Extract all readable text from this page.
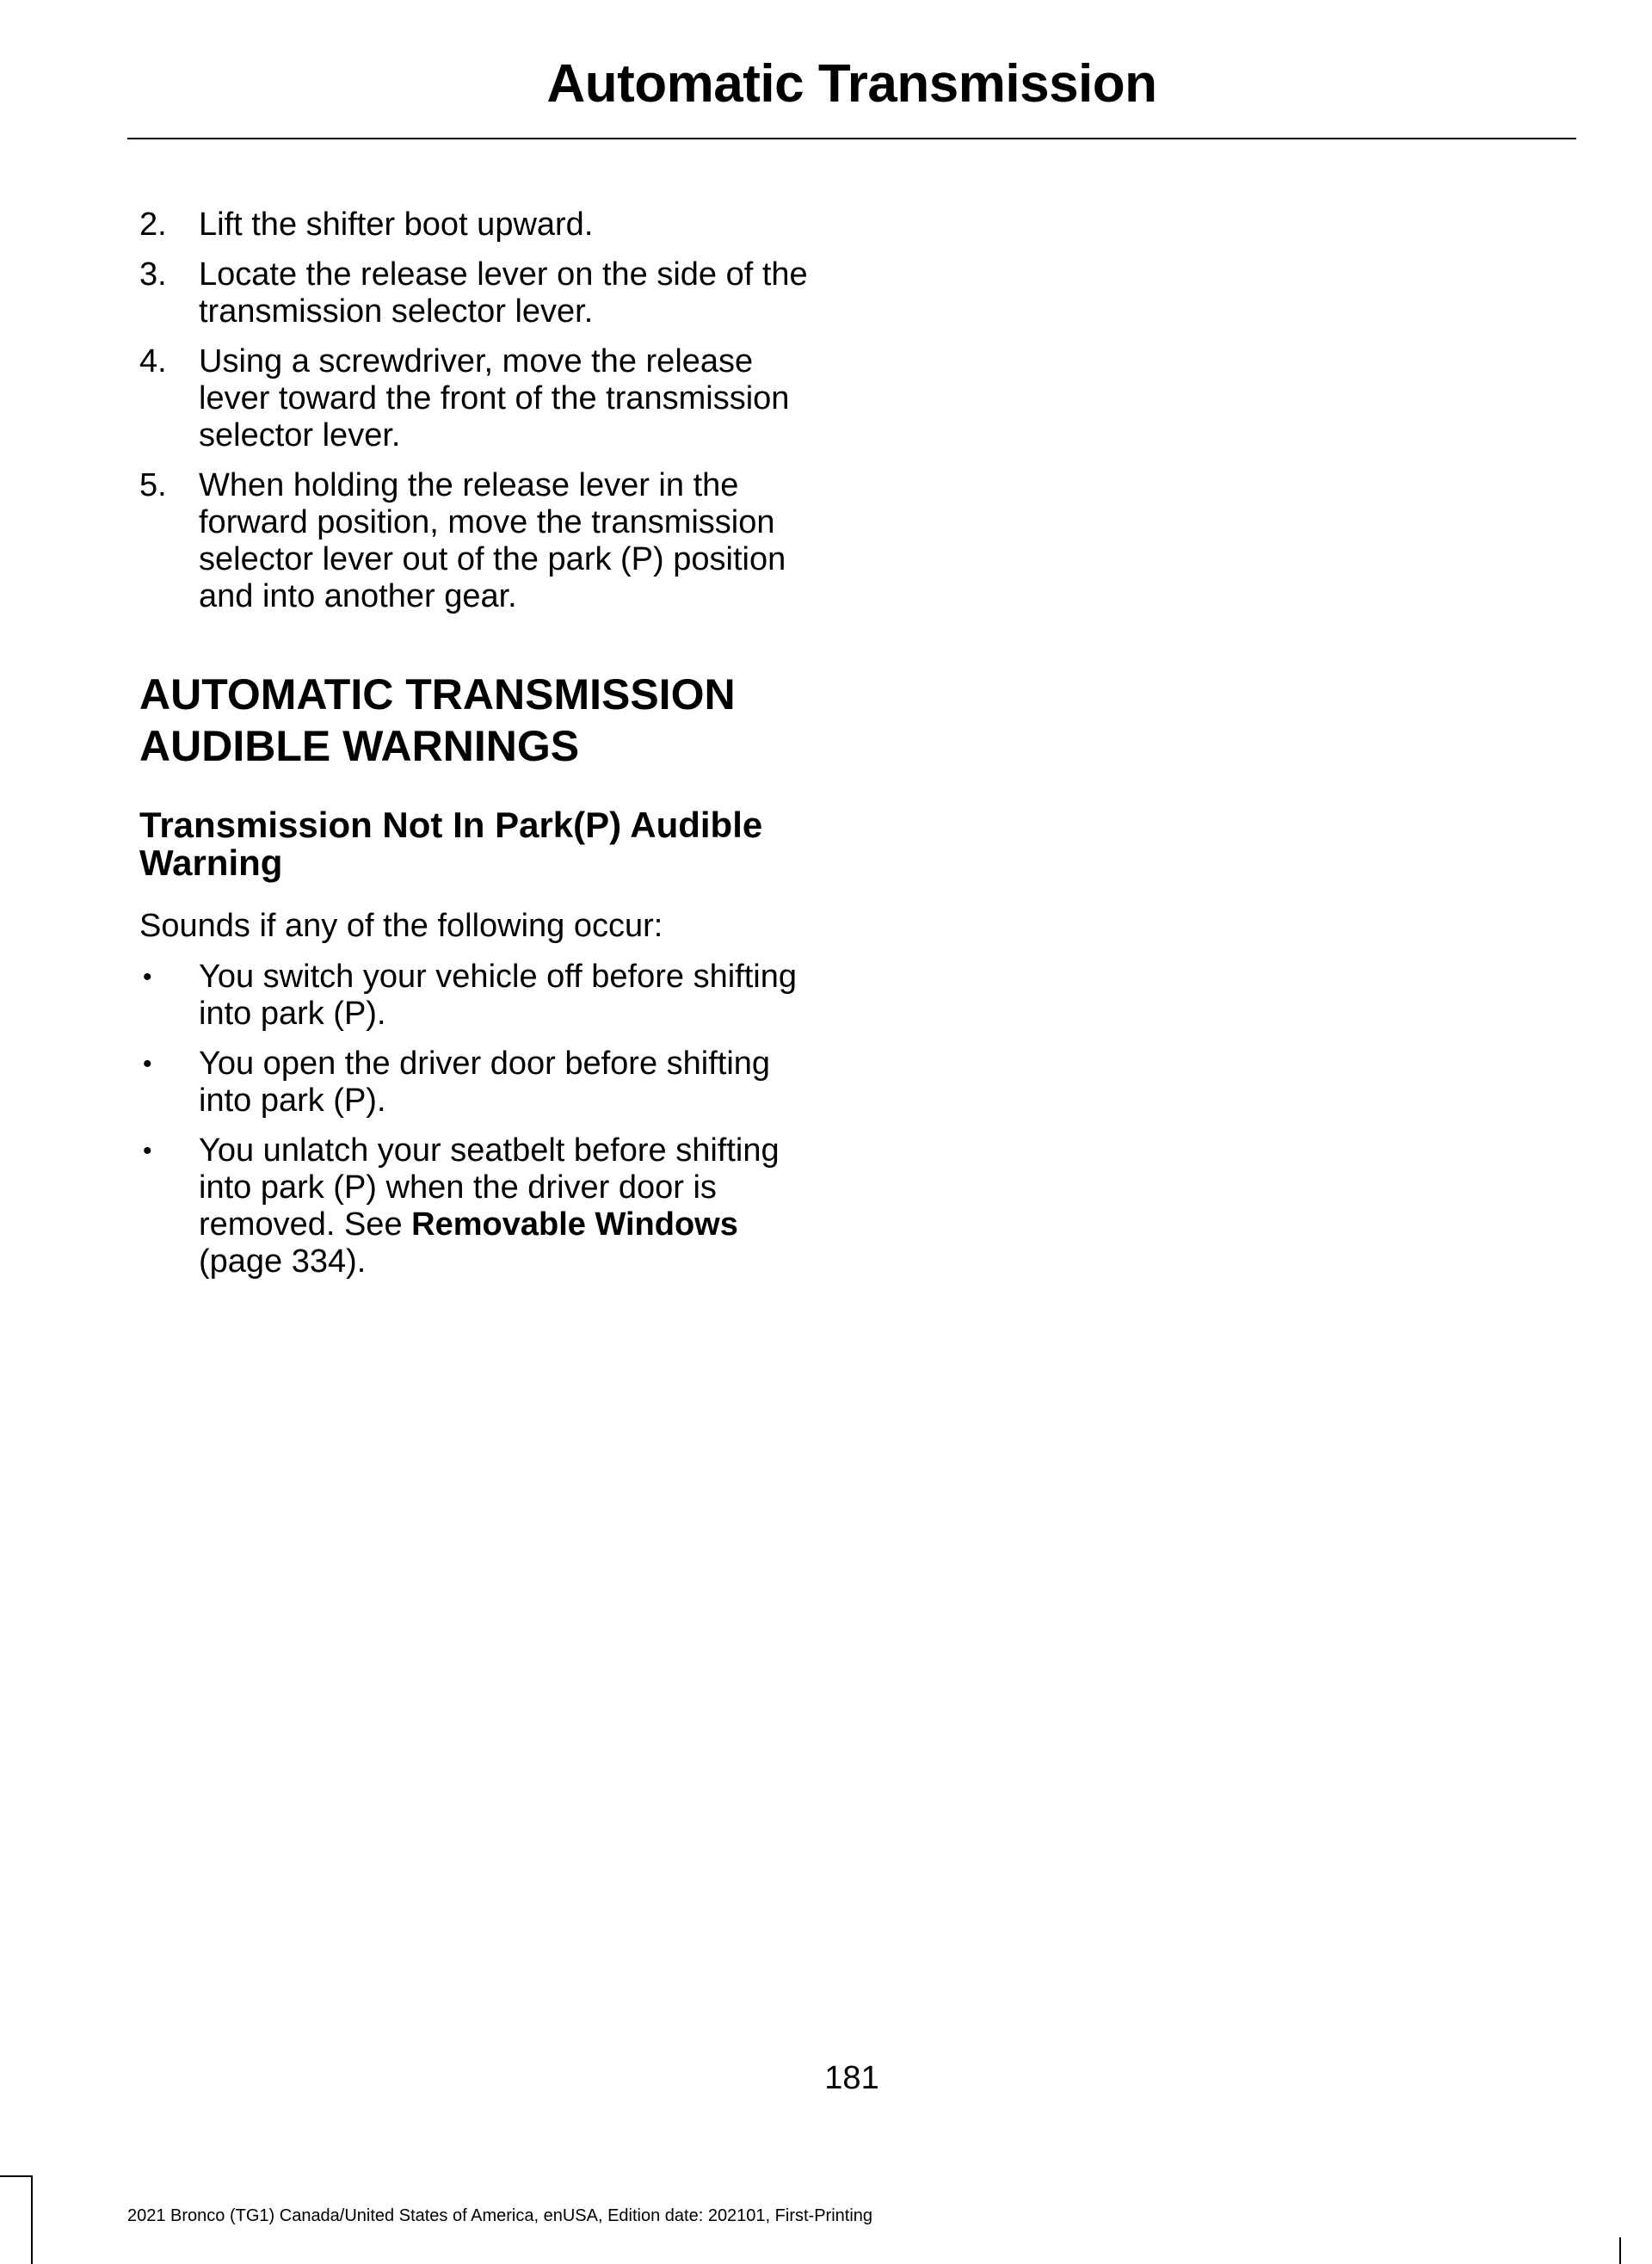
Automatic Transmission
2. Lift the shifter boot upward.
3. Locate the release lever on the side of the transmission selector lever.
4. Using a screwdriver, move the release lever toward the front of the transmission selector lever.
5. When holding the release lever in the forward position, move the transmission selector lever out of the park (P) position and into another gear.
AUTOMATIC TRANSMISSION AUDIBLE WARNINGS
Transmission Not In Park(P) Audible Warning

Sounds if any of the following occur:

• You switch your vehicle off before shifting into park (P).
• You open the driver door before shifting into park (P).
• You unlatch your seatbelt before shifting into park (P) when the driver door is removed. See Removable Windows (page 334).
181
2021 Bronco (TG1) Canada/United States of America, enUSA, Edition date: 202101, First-Printing
